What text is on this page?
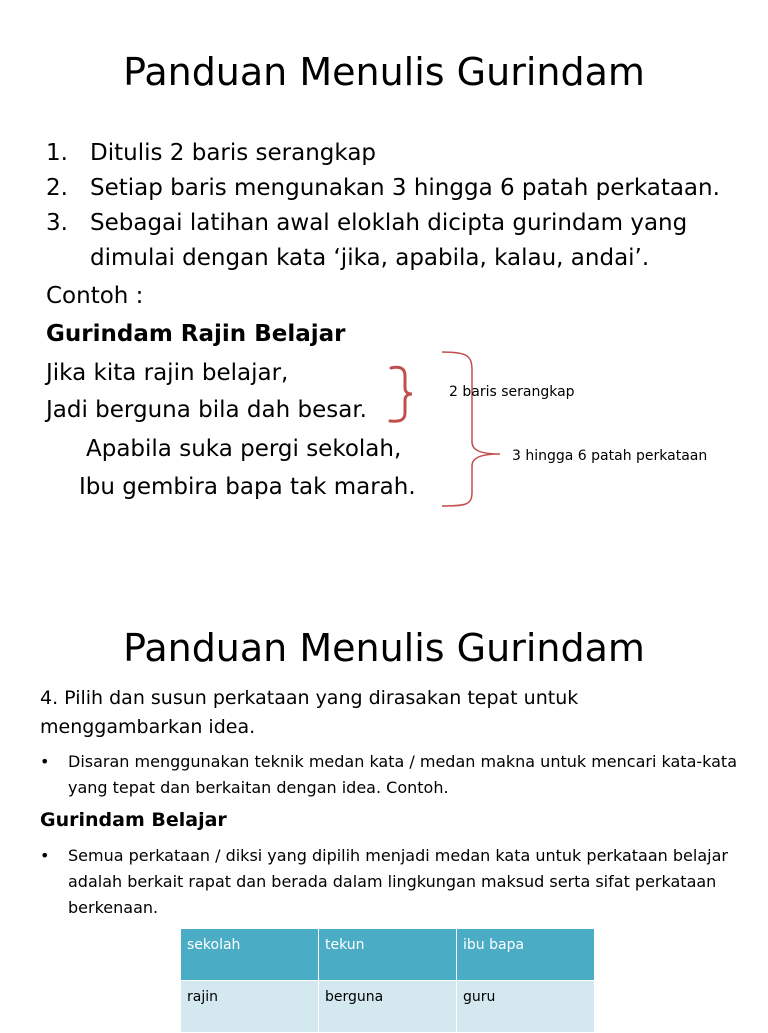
Panduan Menulis Gurindam
1. Ditulis 2 baris serangkap
2. Setiap baris mengunakan 3 hingga 6 patah perkataan.
3. Sebagai latihan awal eloklah dicipta gurindam yang
dimulai dengan kata ‘jika, apabila, kalau, andai’.
Contoh :
Gurindam Rajin Belajar
Jika kita rajin belajar,
Jadi berguna bila dah besar.
Apabila suka pergi sekolah,
Ibu gembira bapa tak marah.
2 baris serangkap
3 hingga 6 patah perkataan
Panduan Menulis Gurindam

4. Pilih dan susun perkataan yang dirasakan tepat untuk menggambarkan idea.

•	Disaran menggunakan teknik medan kata / medan makna untuk mencari kata-kata yang tepat dan berkaitan dengan idea. Contoh.
Gurindam Belajar
•	Semua perkataan / diksi yang dipilih menjadi medan kata untuk perkataan belajar adalah berkait rapat dan berada dalam lingkungan maksud serta sifat perkataan berkenaan.
sekolah	tekun	ibu bapa
rajin	berguna	guru
